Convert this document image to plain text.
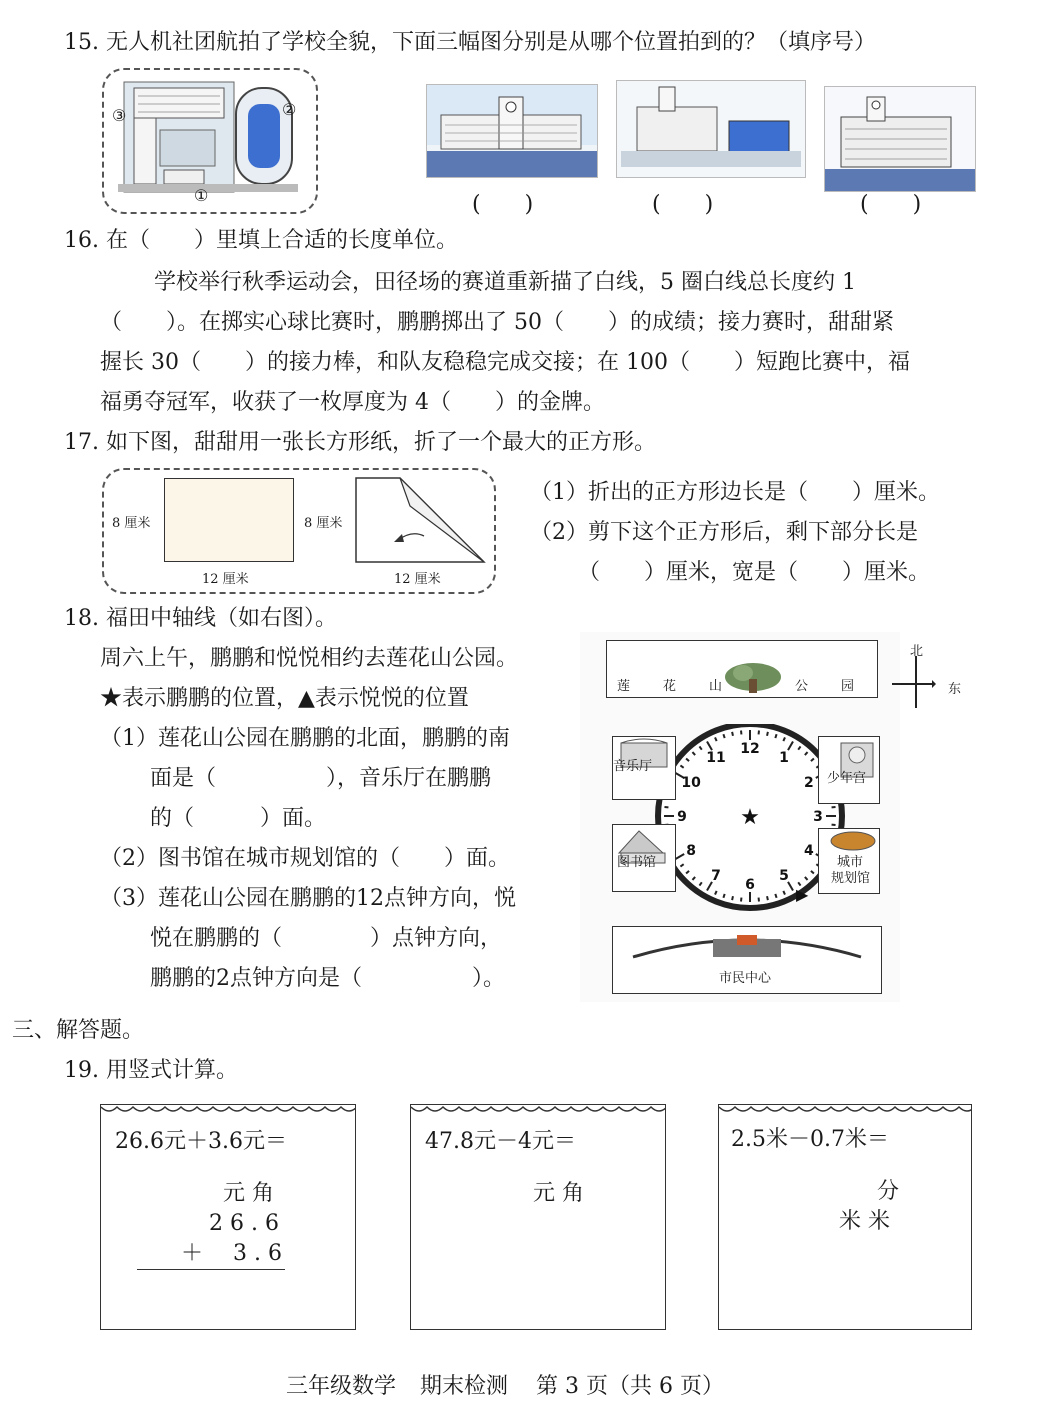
15. 无人机社团航拍了学校全貌，下面三幅图分别是从哪个位置拍到的？（填序号）
③	②
①	(　　)	(　　)	(　　)
16. 在（　　）里填上合适的长度单位。
学校举行秋季运动会，田径场的赛道重新描了白线，5 圈白线总长度约 1
（　　）。在掷实心球比赛时，鹏鹏掷出了 50（　　）的成绩；接力赛时，甜甜紧
握长 30（　　）的接力棒，和队友稳稳完成交接；在 100（　　）短跑比赛中，福
福勇夺冠军，收获了一枚厚度为 4（　　）的金牌。
17. 如下图，甜甜用一张长方形纸，折了一个最大的正方形。
8 厘米
12 厘米
8 厘米
12 厘米
（1）折出的正方形边长是（　　）厘米。
（2）剪下这个正方形后，剩下部分长是
（　　）厘米，宽是（　　）厘米。
18. 福田中轴线（如右图）。
周六上午，鹏鹏和悦悦相约去莲花山公园。
★表示鹏鹏的位置，▲表示悦悦的位置
（1）莲花山公园在鹏鹏的北面，鹏鹏的南
面是（　　　　　），音乐厅在鹏鹏
的（　　　）面。
（2）图书馆在城市规划馆的（　　）面。
（3）莲花山公园在鹏鹏的12点钟方向，悦
悦在鹏鹏的（　　　　）点钟方向，
鹏鹏的2点钟方向是（　　　　　）。
莲	花	山	公	园
北
东
12
1
2
3
4
5
6
7
8
9
10
11
★
▶
音乐厅
少年宫
图书馆	城市
规划馆
市民中心
三、解答题。
19. 用竖式计算。
26.6元＋3.6元＝
元 角
2 6 . 6
＋ 3 . 6
47.8元－4元＝
元 角
2.5米－0.7米＝
分
米 米
三年级数学 期末检测 第 3 页（共 6 页）
